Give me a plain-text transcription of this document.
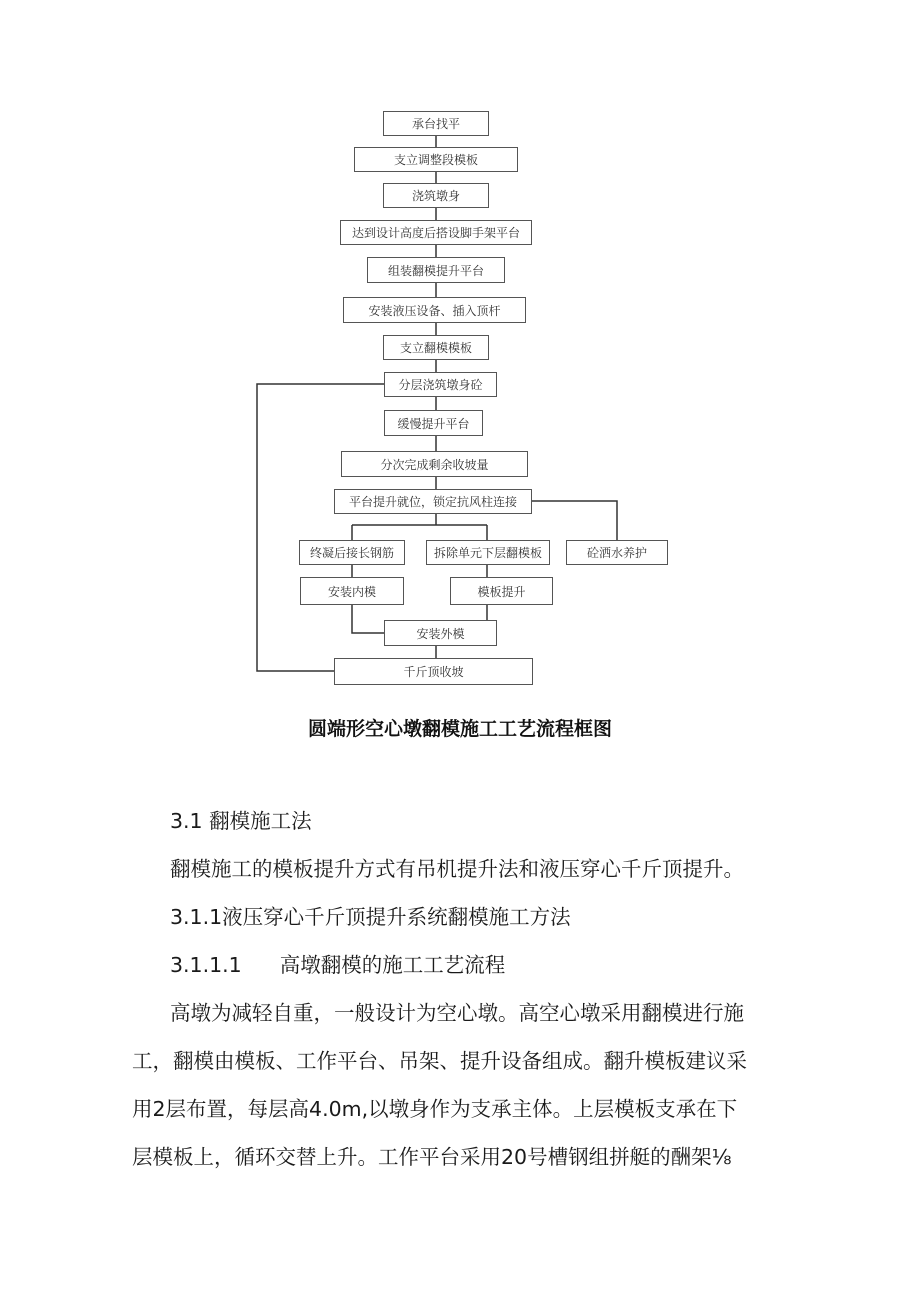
承台找平
支立调整段模板
浇筑墩身
达到设计高度后搭设脚手架平台
组装翻模提升平台
安装液压设备、插入顶杆
支立翻模模板
分层浇筑墩身砼
缓慢提升平台
分次完成剩余收坡量
平台提升就位，锁定抗风柱连接
终凝后接长钢筋	拆除单元下层翻模板	砼洒水养护
安装内模	模板提升
安装外模
千斤顶收坡
圆端形空心墩翻模施工工艺流程框图
3.1 翻模施工法
翻模施工的模板提升方式有吊机提升法和液压穿心千斤顶提升。
3.1.1液压穿心千斤顶提升系统翻模施工方法
3.1.1.1 高墩翻模的施工工艺流程
高墩为减轻自重，一般设计为空心墩。高空心墩采用翻模进行施
工，翻模由模板、工作平台、吊架、提升设备组成。翻升模板建议采
用2层布置，每层高4.0m,以墩身作为支承主体。上层模板支承在下
层模板上，循环交替上升。工作平台采用20号槽钢组拼艇的酬架⅛
